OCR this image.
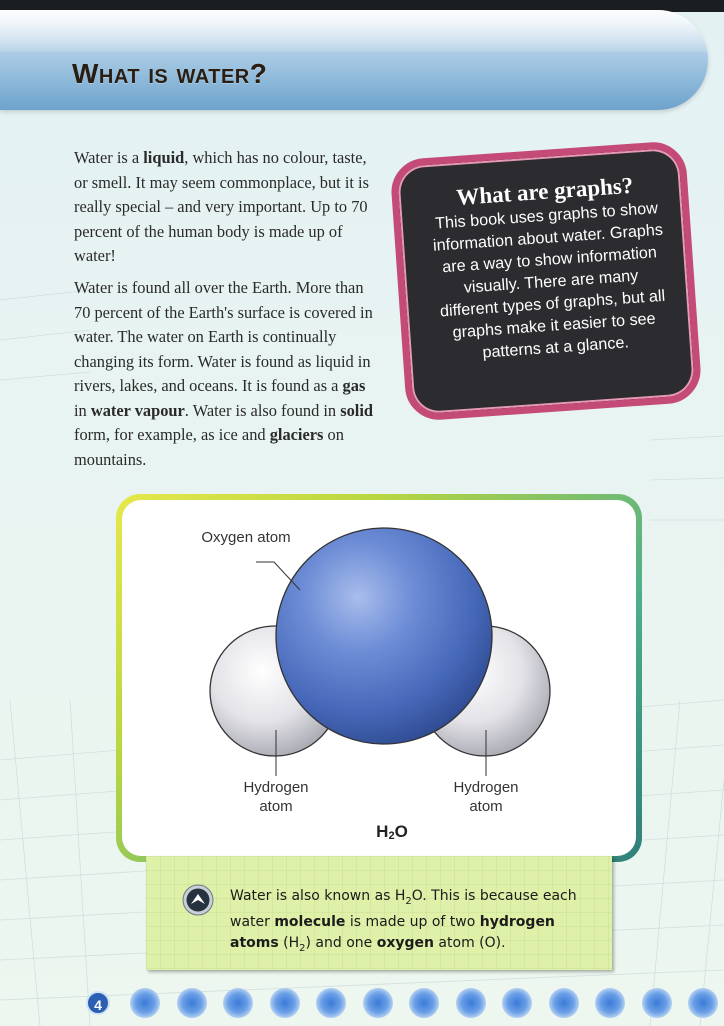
What is water?

Water is a liquid, which has no colour, taste, or smell. It may seem commonplace, but it is really special – and very important. Up to 70 percent of the human body is made up of water!

Water is found all over the Earth. More than 70 percent of the Earth's surface is covered in water. The water on Earth is continually changing its form. Water is found as liquid in rivers, lakes, and oceans. It is found as a gas in water vapour. Water is also found in solid form, for example, as ice and glaciers on mountains.

What are graphs?
This book uses graphs to show information about water. Graphs are a way to show information visually. There are many different types of graphs, but all graphs make it easier to see patterns at a glance.
Oxygen atom
Hydrogen atom
Hydrogen atom
$H_2O$

Water is also known as $H_2O$. This is because each water molecule is made up of two hydrogen atoms $(H_2)$ and one oxygen atom (O).

4
